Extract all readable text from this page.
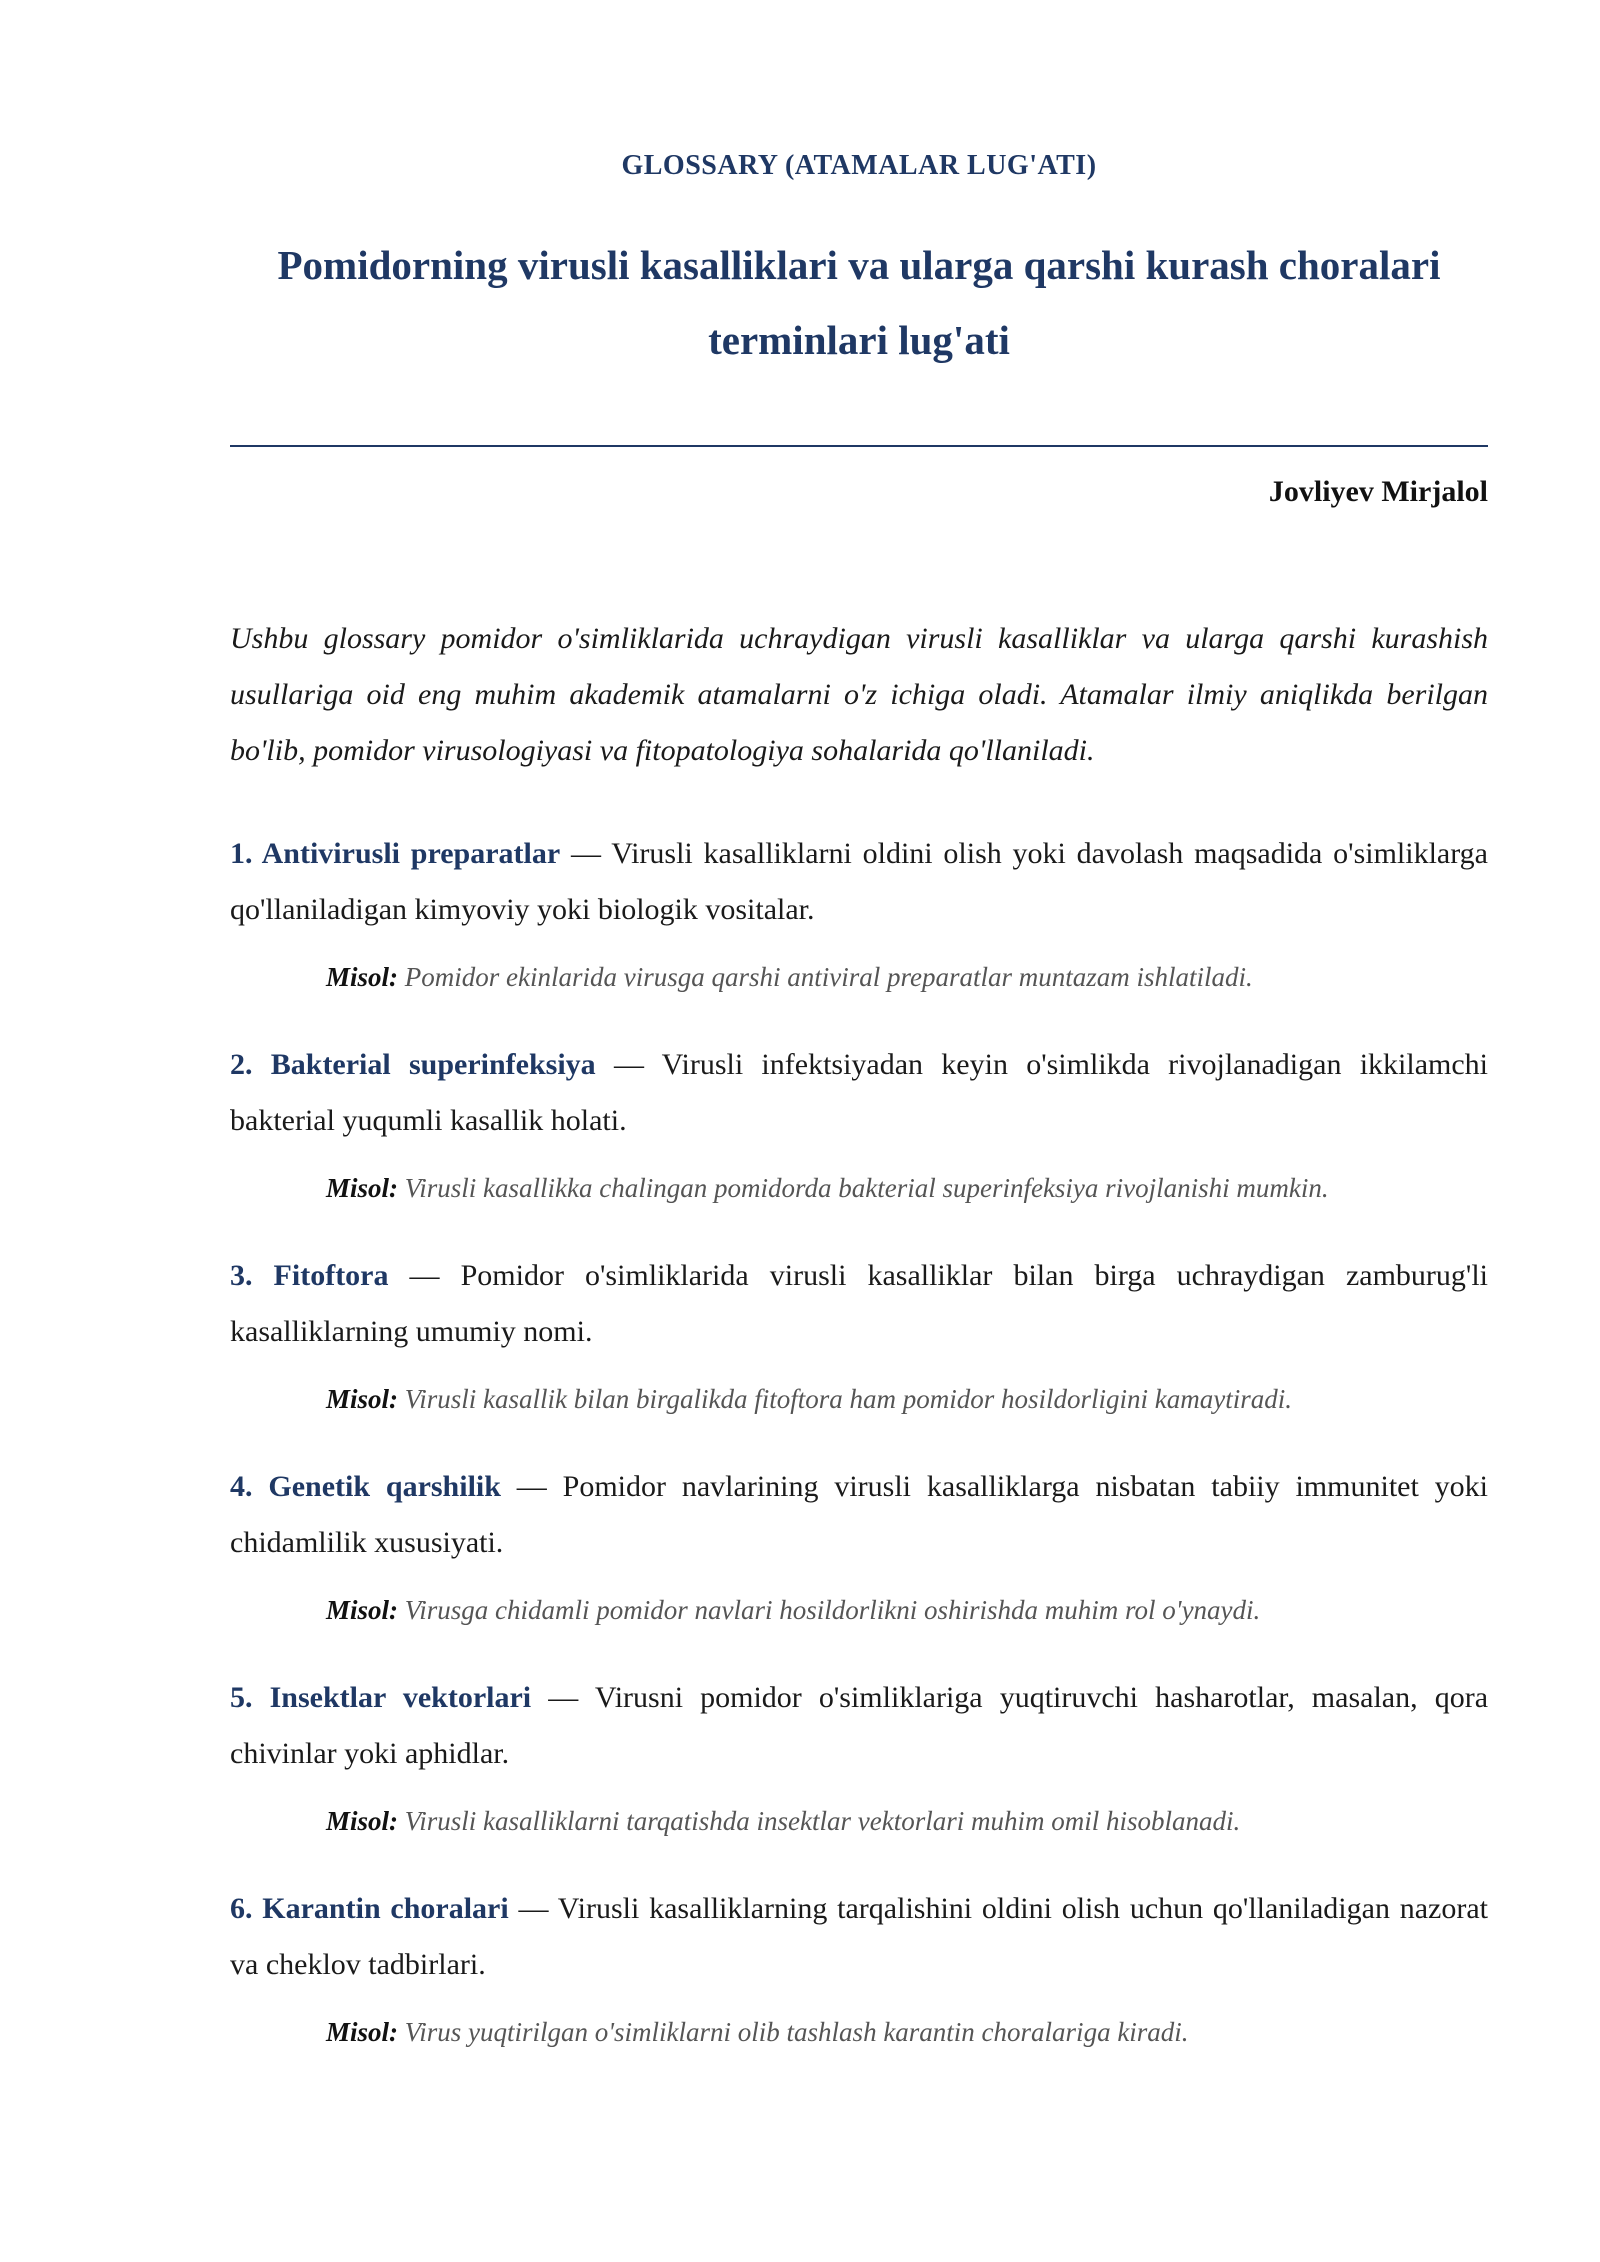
GLOSSARY (ATAMALAR LUG'ATI)
Pomidorning virusli kasalliklari va ularga qarshi kurash choralari terminlari lug'ati
Jovliyev Mirjalol

Ushbu glossary pomidor o'simliklarida uchraydigan virusli kasalliklar va ularga qarshi kurashish usullariga oid eng muhim akademik atamalarni o'z ichiga oladi. Atamalar ilmiy aniqlikda berilgan bo'lib, pomidor virusologiyasi va fitopatologiya sohalarida qo'llaniladi.

1. Antivirusli preparatlar — Virusli kasalliklarni oldini olish yoki davolash maqsadida o'simliklarga qo'llaniladigan kimyoviy yoki biologik vositalar.

Misol: Pomidor ekinlarida virusga qarshi antiviral preparatlar muntazam ishlatiladi.

2. Bakterial superinfeksiya — Virusli infektsiyadan keyin o'simlikda rivojlanadigan ikkilamchi bakterial yuqumli kasallik holati.

Misol: Virusli kasallikka chalingan pomidorda bakterial superinfeksiya rivojlanishi mumkin.

3. Fitoftora — Pomidor o'simliklarida virusli kasalliklar bilan birga uchraydigan zamburug'li kasalliklarning umumiy nomi.

Misol: Virusli kasallik bilan birgalikda fitoftora ham pomidor hosildorligini kamaytiradi.

4. Genetik qarshilik — Pomidor navlarining virusli kasalliklarga nisbatan tabiiy immunitet yoki chidamlilik xususiyati.

Misol: Virusga chidamli pomidor navlari hosildorlikni oshirishda muhim rol o'ynaydi.

5. Insektlar vektorlari — Virusni pomidor o'simliklariga yuqtiruvchi hasharotlar, masalan, qora chivinlar yoki aphidlar.

Misol: Virusli kasalliklarni tarqatishda insektlar vektorlari muhim omil hisoblanadi.

6. Karantin choralari — Virusli kasalliklarning tarqalishini oldini olish uchun qo'llaniladigan nazorat va cheklov tadbirlari.

Misol: Virus yuqtirilgan o'simliklarni olib tashlash karantin choralariga kiradi.
